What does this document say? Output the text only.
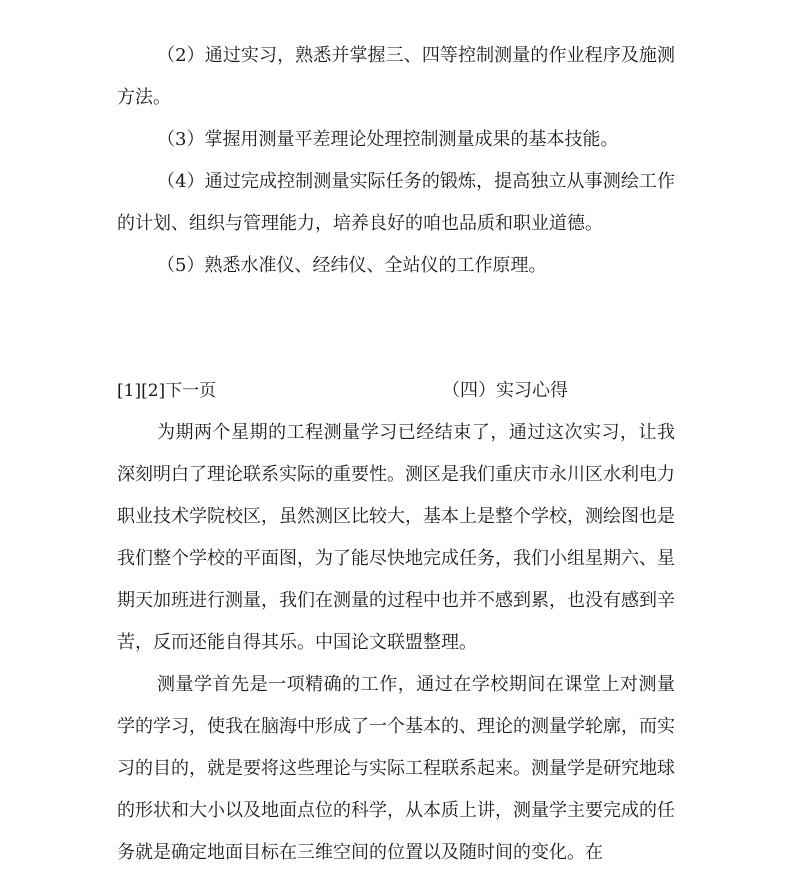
（2）通过实习，熟悉并掌握三、四等控制测量的作业程序及施测方法。

（3）掌握用测量平差理论处理控制测量成果的基本技能。

（4）通过完成控制测量实际任务的锻炼，提高独立从事测绘工作的计划、组织与管理能力，培养良好的咱也品质和职业道德。

（5）熟悉水准仪、经纬仪、全站仪的工作原理。

[1][2]下一页	（四）实习心得

为期两个星期的工程测量学习已经结束了，通过这次实习，让我深刻明白了理论联系实际的重要性。测区是我们重庆市永川区水利电力职业技术学院校区，虽然测区比较大，基本上是整个学校，测绘图也是我们整个学校的平面图，为了能尽快地完成任务，我们小组星期六、星期天加班进行测量，我们在测量的过程中也并不感到累，也没有感到辛苦，反而还能自得其乐。中国论文联盟整理。

测量学首先是一项精确的工作，通过在学校期间在课堂上对测量学的学习，使我在脑海中形成了一个基本的、理论的测量学轮廓，而实习的目的，就是要将这些理论与实际工程联系起来。测量学是研究地球的形状和大小以及地面点位的科学，从本质上讲，测量学主要完成的任务就是确定地面目标在三维空间的位置以及随时间的变化。在
